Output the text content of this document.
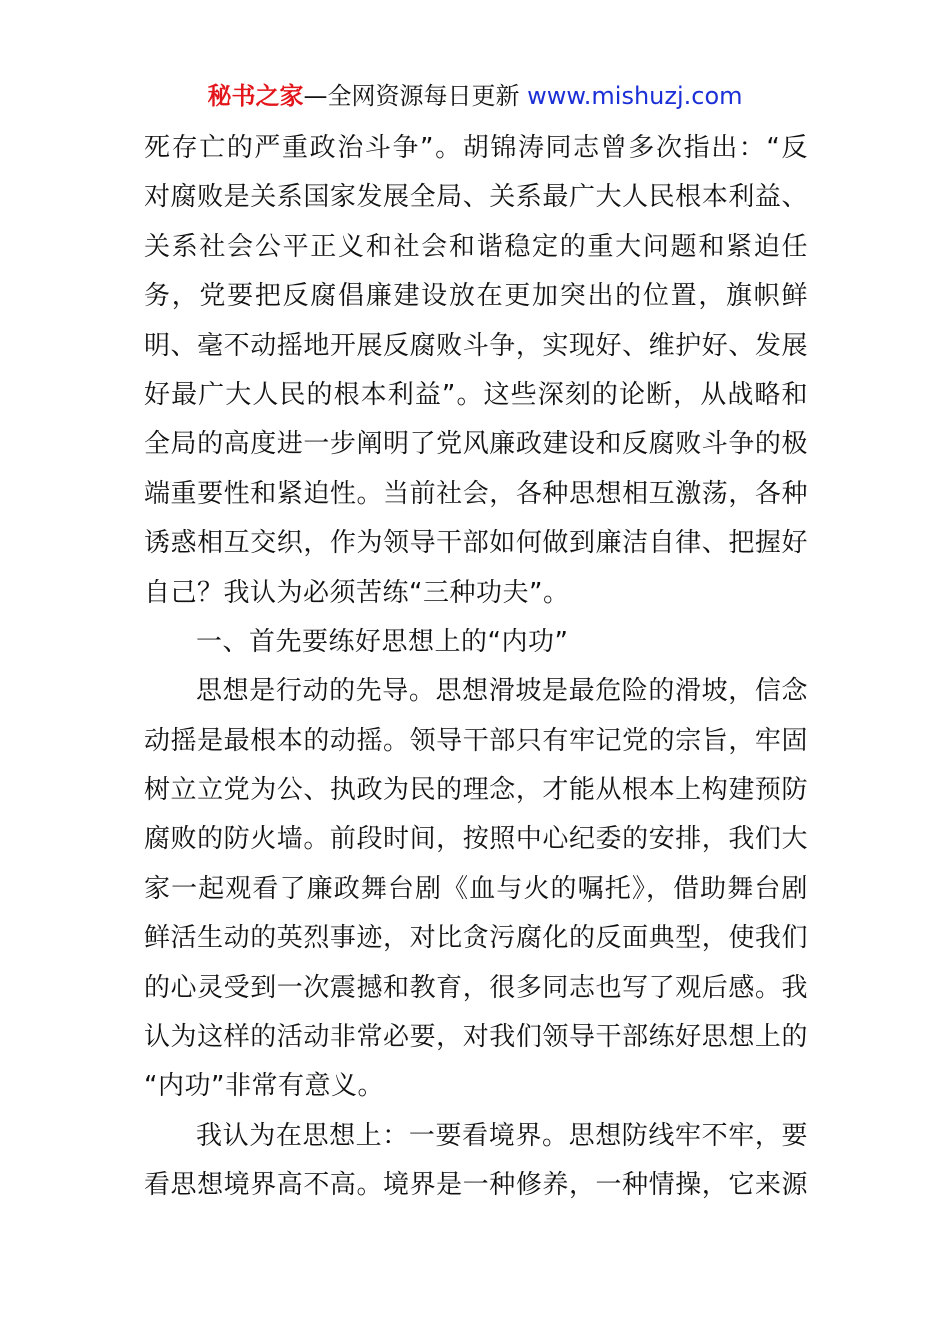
秘书之家—全网资源每日更新 www.mishuzj.com
死存亡的严重政治斗争”。胡锦涛同志曾多次指出：“反
对腐败是关系国家发展全局、关系最广大人民根本利益、
关系社会公平正义和社会和谐稳定的重大问题和紧迫任
务，党要把反腐倡廉建设放在更加突出的位置，旗帜鲜
明、毫不动摇地开展反腐败斗争，实现好、维护好、发展
好最广大人民的根本利益”。这些深刻的论断，从战略和
全局的高度进一步阐明了党风廉政建设和反腐败斗争的极
端重要性和紧迫性。当前社会，各种思想相互激荡，各种
诱惑相互交织，作为领导干部如何做到廉洁自律、把握好
自己？我认为必须苦练“三种功夫”。
一、首先要练好思想上的“内功”
思想是行动的先导。思想滑坡是最危险的滑坡，信念
动摇是最根本的动摇。领导干部只有牢记党的宗旨，牢固
树立立党为公、执政为民的理念，才能从根本上构建预防
腐败的防火墙。前段时间，按照中心纪委的安排，我们大
家一起观看了廉政舞台剧《血与火的嘱托》，借助舞台剧
鲜活生动的英烈事迹，对比贪污腐化的反面典型，使我们
的心灵受到一次震撼和教育，很多同志也写了观后感。我
认为这样的活动非常必要，对我们领导干部练好思想上的
“内功”非常有意义。
我认为在思想上：一要看境界。思想防线牢不牢，要
看思想境界高不高。境界是一种修养，一种情操，它来源
